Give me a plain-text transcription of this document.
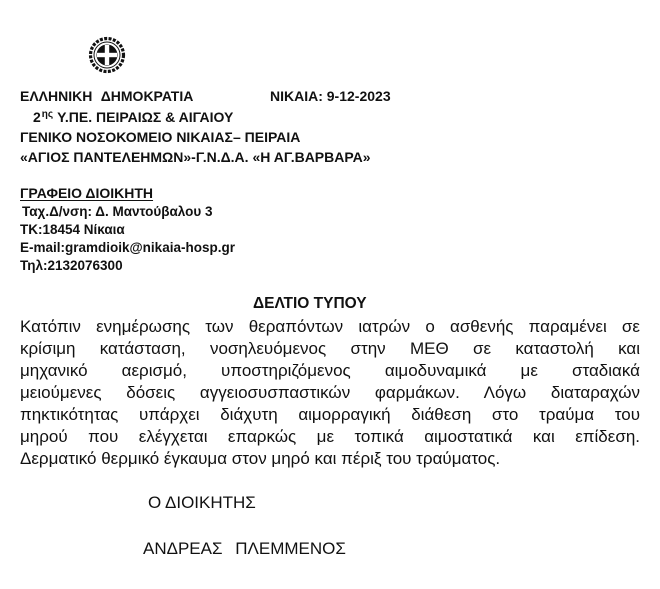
ΕΛΛΗΝΙΚΗ ΔΗΜΟΚΡΑΤΙΑ	ΝΙΚΑΙΑ: 9-12-2023
$2^{\eta\varsigma}$ Υ.ΠΕ. ΠΕΙΡΑΙΩΣ & ΑΙΓΑΙΟΥ
ΓΕΝΙΚΟ ΝΟΣΟΚΟΜΕΙΟ ΝΙΚΑΙΑΣ– ΠΕΙΡΑΙΑ
«ΑΓΙΟΣ ΠΑΝΤΕΛΕΗΜΩΝ»-Γ.Ν.Δ.Α. «Η ΑΓ.ΒΑΡΒΑΡΑ»
ΓΡΑΦΕΙΟ ΔΙΟΙΚΗΤΗ
Ταχ.Δ/νση: Δ. Μαντούβαλου 3
ΤΚ:18454 Νίκαια
E-mail:gramdioik@nikaia-hosp.gr
Τηλ:2132076300
ΔΕΛΤΙΟ ΤΥΠΟΥ
Κατόπιν ενημέρωσης των θεραπόντων ιατρών ο ασθενής παραμένει σε
κρίσιμη κατάσταση, νοσηλευόμενος στην ΜΕΘ σε καταστολή και
μηχανικό αερισμό, υποστηριζόμενος αιμοδυναμικά με σταδιακά
μειούμενες δόσεις αγγειοσυσπαστικών φαρμάκων. Λόγω διαταραχών
πηκτικότητας υπάρχει διάχυτη αιμορραγική διάθεση στο τραύμα του
μηρού που ελέγχεται επαρκώς με τοπικά αιμοστατικά και επίδεση.
Δερματικό θερμικό έγκαυμα στον μηρό και πέριξ του τραύματος.
Ο ΔΙΟΙΚΗΤΗΣ
ΑΝΔΡΕΑΣ ΠΛΕΜΜΕΝΟΣ
